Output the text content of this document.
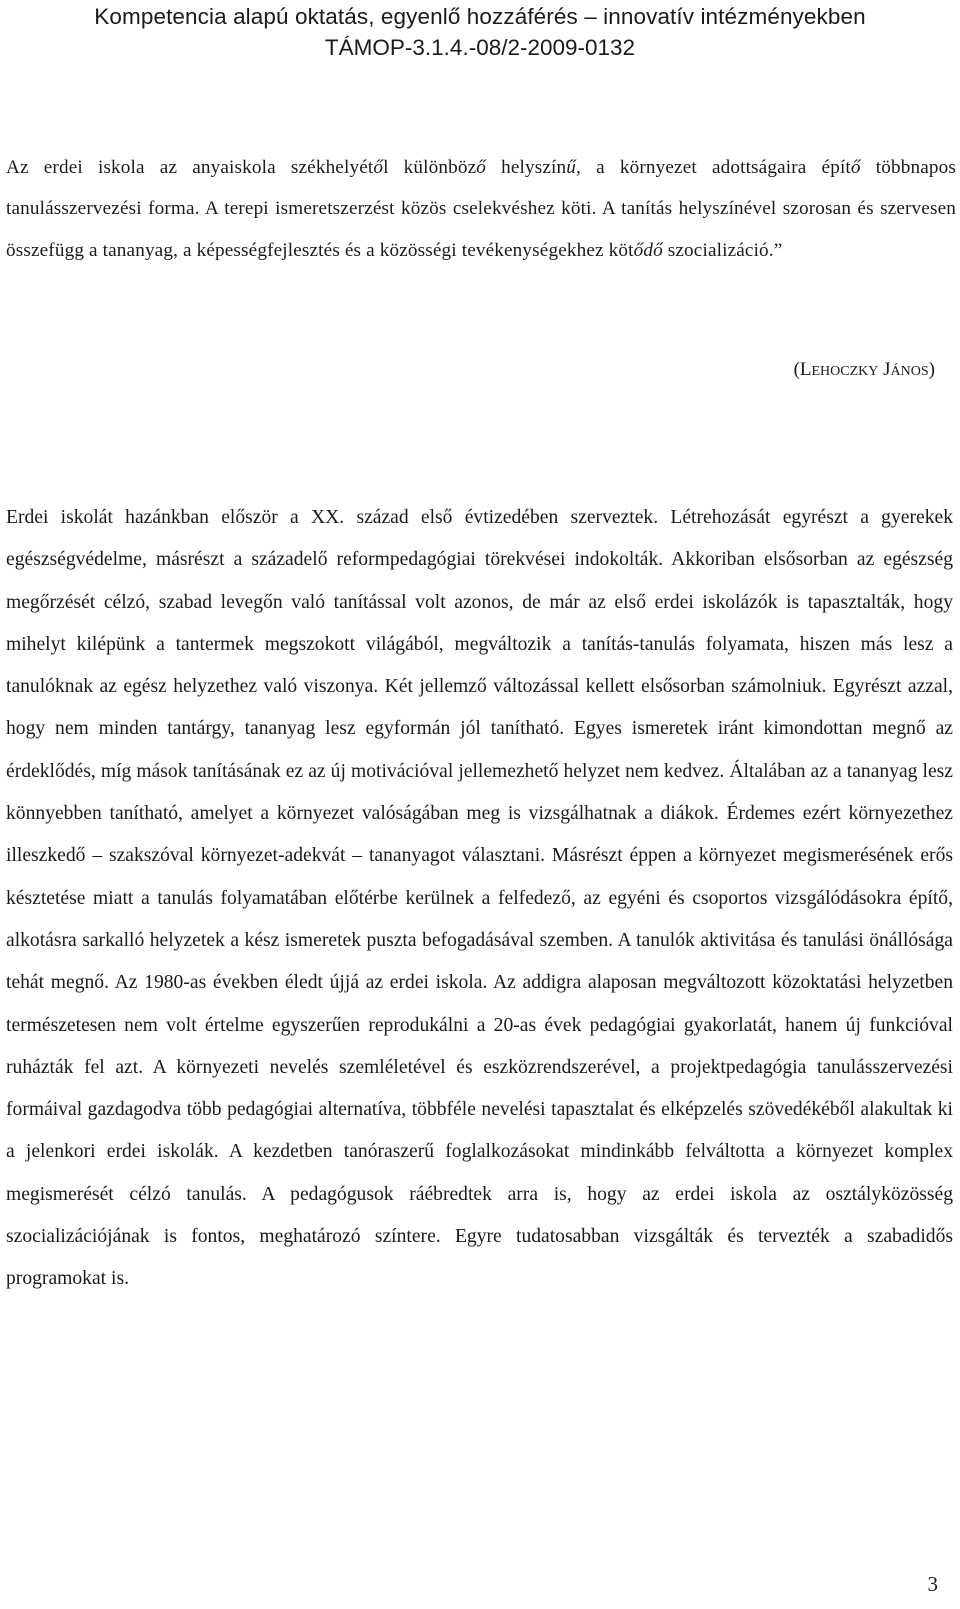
Kompetencia alapú oktatás, egyenlő hozzáférés – innovatív intézményekben
TÁMOP-3.1.4.-08/2-2009-0132
Az erdei iskola az anyaiskola székhelyétől különböző helyszínű, a környezet adottságaira építő többnapos tanulásszervezési forma. A terepi ismeretszerzést közös cselekvéshez köti. A tanítás helyszínével szorosan és szervesen összefügg a tananyag, a képességfejlesztés és a közösségi tevékenységekhez kötődő szocializáció.”
(LEHOCZKY JÁNOS)
Erdei iskolát hazánkban először a XX. század első évtizedében szerveztek. Létrehozását egyrészt a gyerekek egészségvédelme, másrészt a századelő reformpedagógiai törekvései indokolták. Akkoriban elsősorban az egészség megőrzését célzó, szabad levegőn való tanítással volt azonos, de már az első erdei iskolázók is tapasztalták, hogy mihelyt kilépünk a tantermek megszokott világából, megváltozik a tanítás-tanulás folyamata, hiszen más lesz a tanulóknak az egész helyzethez való viszonya. Két jellemző változással kellett elsősorban számolniuk. Egyrészt azzal, hogy nem minden tantárgy, tananyag lesz egyformán jól tanítható. Egyes ismeretek iránt kimondottan megnő az érdeklődés, míg mások tanításának ez az új motivációval jellemezhető helyzet nem kedvez. Általában az a tananyag lesz könnyebben tanítható, amelyet a környezet valóságában meg is vizsgálhatnak a diákok. Érdemes ezért környezethez illeszkedő – szakszóval környezet-adekvát – tananyagot választani. Másrészt éppen a környezet megismerésének erős késztetése miatt a tanulás folyamatában előtérbe kerülnek a felfedező, az egyéni és csoportos vizsgálódásokra építő, alkotásra sarkalló helyzetek a kész ismeretek puszta befogadásával szemben. A tanulók aktivitása és tanulási önállósága tehát megnő. Az 1980-as években éledt újjá az erdei iskola. Az addigra alaposan megváltozott közoktatási helyzetben természetesen nem volt értelme egyszerűen reprodukálni a 20-as évek pedagógiai gyakorlatát, hanem új funkcióval ruházták fel azt. A környezeti nevelés szemléletével és eszközrendszerével, a projektpedagógia tanulásszervezési formáival gazdagodva több pedagógiai alternatíva, többféle nevelési tapasztalat és elképzelés szövedékéből alakultak ki a jelenkori erdei iskolák. A kezdetben tanóraszerű foglalkozásokat mindinkább felváltotta a környezet komplex megismerését célzó tanulás. A pedagógusok ráébredtek arra is, hogy az erdei iskola az osztályközösség szocializációjának is fontos, meghatározó színtere. Egyre tudatosabban vizsgálták és tervezték a szabadidős programokat is.
3
